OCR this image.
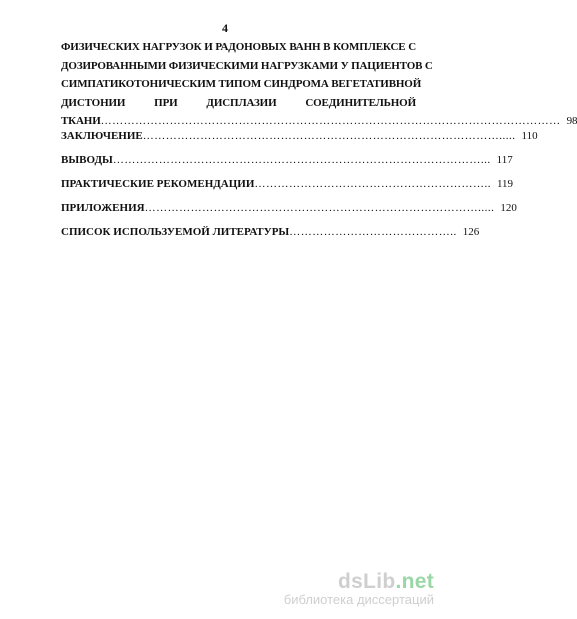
4
ФИЗИЧЕСКИХ НАГРУЗОК И РАДОНОВЫХ ВАНН В КОМПЛЕКСЕ С
ДОЗИРОВАННЫМИ ФИЗИЧЕСКИМИ НАГРУЗКАМИ У ПАЦИЕНТОВ С
СИМПАТИКОТОНИЧЕСКИМ ТИПОМ СИНДРОМА ВЕГЕТАТИВНОЙ
ДИСТОНИИ ПРИ ДИСПЛАЗИИ СОЕДИНИТЕЛЬНОЙ
ТКАНИ ………………………………………………………………………………………………………… 98
ЗАКЛЮЧЕНИЕ …………………………………………………………………………………..... 110
ВЫВОДЫ ……………………………………………………………………………………... 117
ПРАКТИЧЕСКИЕ РЕКОМЕНДАЦИИ …………………………………………………….. 119
ПРИЛОЖЕНИЯ ……………………………………………………………………………..... 120
СПИСОК ИСПОЛЬЗУЕМОЙ ЛИТЕРАТУРЫ …………………………………….. 126
dsLib.net
библиотека диссертаций
